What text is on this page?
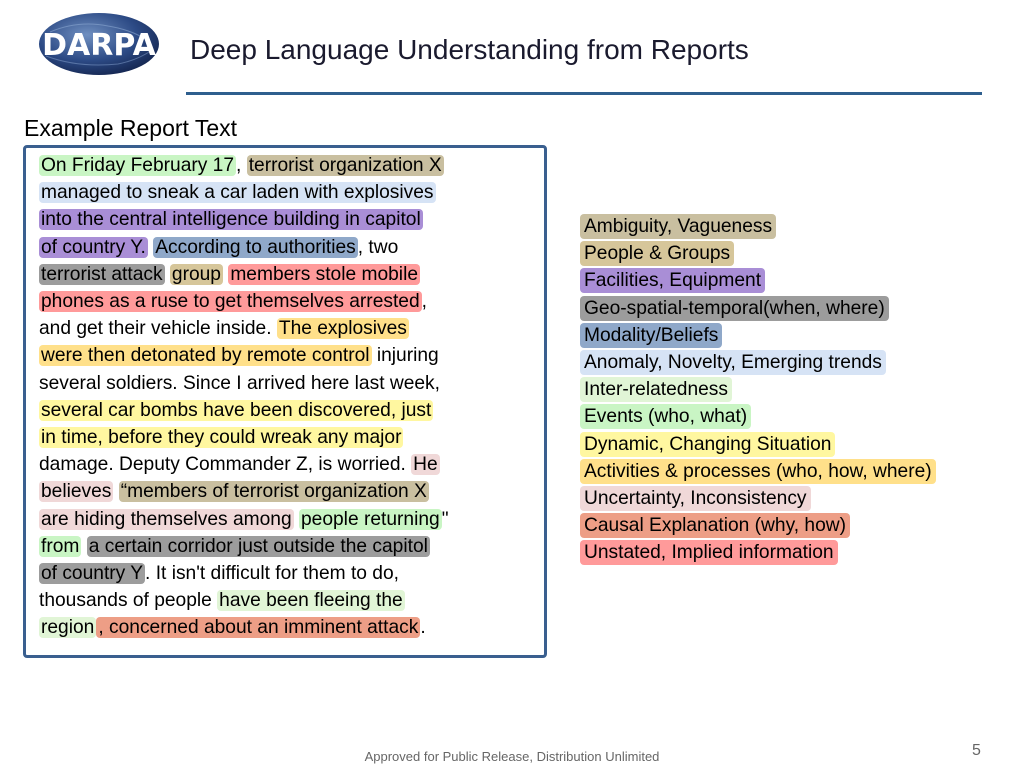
DARPA Deep Language Understanding from Reports
Example Report Text
On Friday February 17 , terrorist organization X
managed to sneak a car laden with explosives
into the central intelligence building in capitol
of country Y. According to authorities , two
terrorist attack group members stole mobile
phones as a ruse to get themselves arrested ,
and get their vehicle inside. The explosives
were then detonated by remote control injuring
several soldiers. Since I arrived here last week,
several car bombs have been discovered, just
in time, before they could wreak any major
damage. Deputy Commander Z, is worried. He
believes “members of terrorist organization X
are hiding themselves among people returning "
from a certain corridor just outside the capitol
of country Y . It isn't difficult for them to do,
thousands of people have been fleeing the
region , concerned about an imminent attack .
Ambiguity, Vagueness
People & Groups
Facilities, Equipment
Geo-spatial-temporal(when, where)
Modality/Beliefs
Anomaly, Novelty, Emerging trends
Inter-relatedness
Events (who, what)
Dynamic, Changing Situation
Activities & processes (who, how, where)
Uncertainty, Inconsistency
Causal Explanation (why, how)
Unstated, Implied information
Approved for Public Release, Distribution Unlimited	5
